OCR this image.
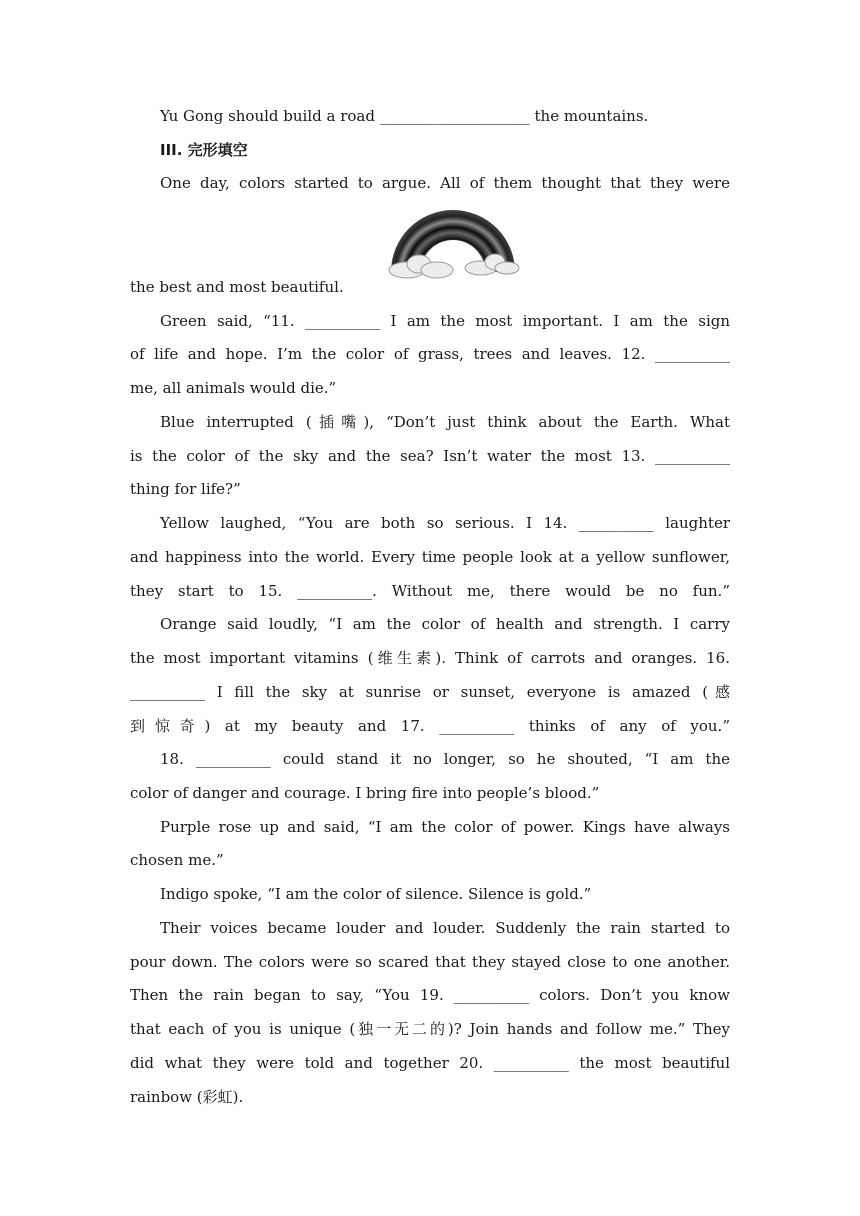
Yu Gong should build a road ____________________ the mountains.
III. 完形填空
One day, colors started to argue. All of them thought that they were
the best and most beautiful.
Green said, “11. __________ I am the most important. I am the sign
of life and hope. I’m the color of grass, trees and leaves. 12. __________
me, all animals would die.”
Blue interrupted (插嘴), “Don’t just think about the Earth. What
is the color of the sky and the sea? Isn’t water the most 13. __________
thing for life?”
Yellow laughed, “You are both so serious. I 14. __________ laughter
and happiness into the world. Every time people look at a yellow sunflower,
they start to 15. __________. Without me, there would be no fun.”
Orange said loudly, “I am the color of health and strength. I carry
the most important vitamins (维生素). Think of carrots and oranges. 16.
__________ I fill the sky at sunrise or sunset, everyone is amazed (感
到惊奇) at my beauty and 17. __________ thinks of any of you.”
18. __________ could stand it no longer, so he shouted, “I am the
color of danger and courage. I bring fire into people’s blood.”
Purple rose up and said, “I am the color of power. Kings have always
chosen me.”
Indigo spoke, “I am the color of silence. Silence is gold.”
Their voices became louder and louder. Suddenly the rain started to
pour down. The colors were so scared that they stayed close to one another.
Then the rain began to say, “You 19. __________ colors. Don’t you know
that each of you is unique (独一无二的)? Join hands and follow me.” They
did what they were told and together 20. __________ the most beautiful
rainbow (彩虹).
